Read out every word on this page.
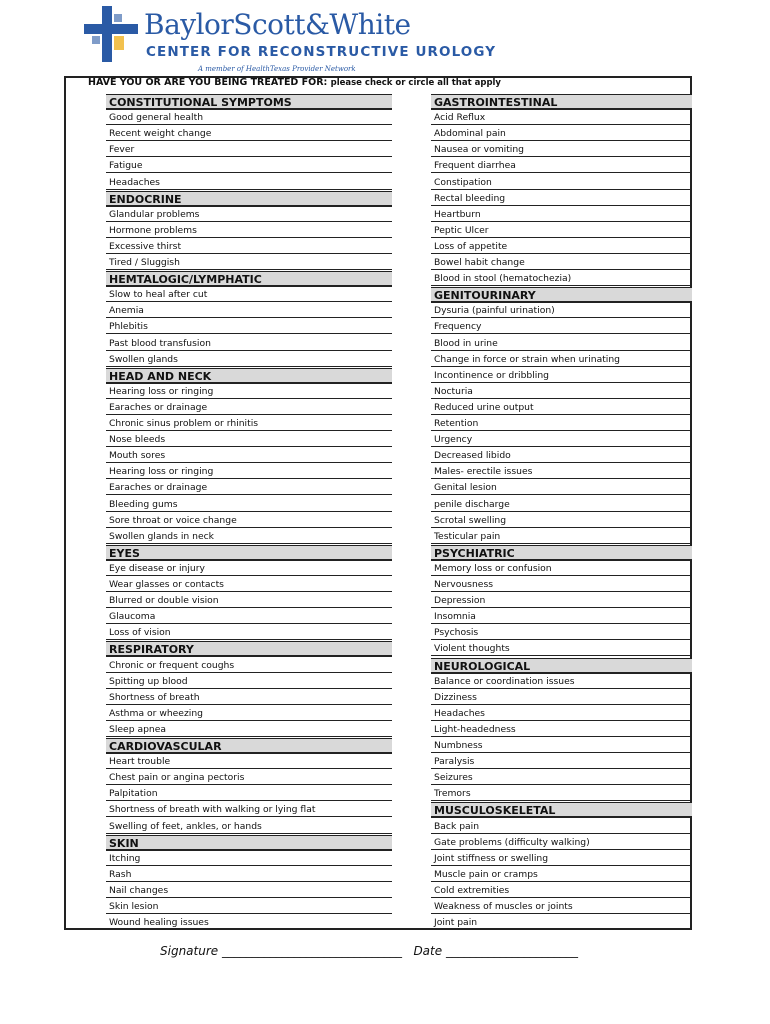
BaylorScott&White
CENTER FOR RECONSTRUCTIVE UROLOGY
A member of HealthTexas Provider Network
HAVE YOU OR ARE YOU BEING TREATED FOR: please check or circle all that apply
CONSTITUTIONAL SYMPTOMS
Good general health
Recent weight change
Fever
Fatigue
Headaches
ENDOCRINE
Glandular problems
Hormone problems
Excessive thirst
Tired / Sluggish
HEMTALOGIC/LYMPHATIC
Slow to heal after cut
Anemia
Phlebitis
Past blood transfusion
Swollen glands
HEAD AND NECK
Hearing loss or ringing
Earaches or drainage
Chronic sinus problem or rhinitis
Nose bleeds
Mouth sores
Hearing loss or ringing
Earaches or drainage
Bleeding gums
Sore throat or voice change
Swollen glands in neck
EYES
Eye disease or injury
Wear glasses or contacts
Blurred or double vision
Glaucoma
Loss of vision
RESPIRATORY
Chronic or frequent coughs
Spitting up blood
Shortness of breath
Asthma or wheezing
Sleep apnea
CARDIOVASCULAR
Heart trouble
Chest pain or angina pectoris
Palpitation
Shortness of breath with walking or lying flat
Swelling of feet, ankles, or hands
SKIN
Itching
Rash
Nail changes
Skin lesion
Wound healing issues
GASTROINTESTINAL
Acid Reflux
Abdominal pain
Nausea or vomiting
Frequent diarrhea
Constipation
Rectal bleeding
Heartburn
Peptic Ulcer
Loss of appetite
Bowel habit change
Blood in stool (hematochezia)
GENITOURINARY
Dysuria (painful urination)
Frequency
Blood in urine
Change in force or strain when urinating
Incontinence or dribbling
Nocturia
Reduced urine output
Retention
Urgency
Decreased libido
Males- erectile issues
Genital lesion
penile discharge
Scrotal swelling
Testicular pain
PSYCHIATRIC
Memory loss or confusion
Nervousness
Depression
Insomnia
Psychosis
Violent thoughts
NEUROLOGICAL
Balance or coordination issues
Dizziness
Headaches
Light-headedness
Numbness
Paralysis
Seizures
Tremors
MUSCULOSKELETAL
Back pain
Gate problems (difficulty walking)
Joint stiffness or swelling
Muscle pain or cramps
Cold extremities
Weakness of muscles or joints
Joint pain
Signature ______________________________ Date ______________________
